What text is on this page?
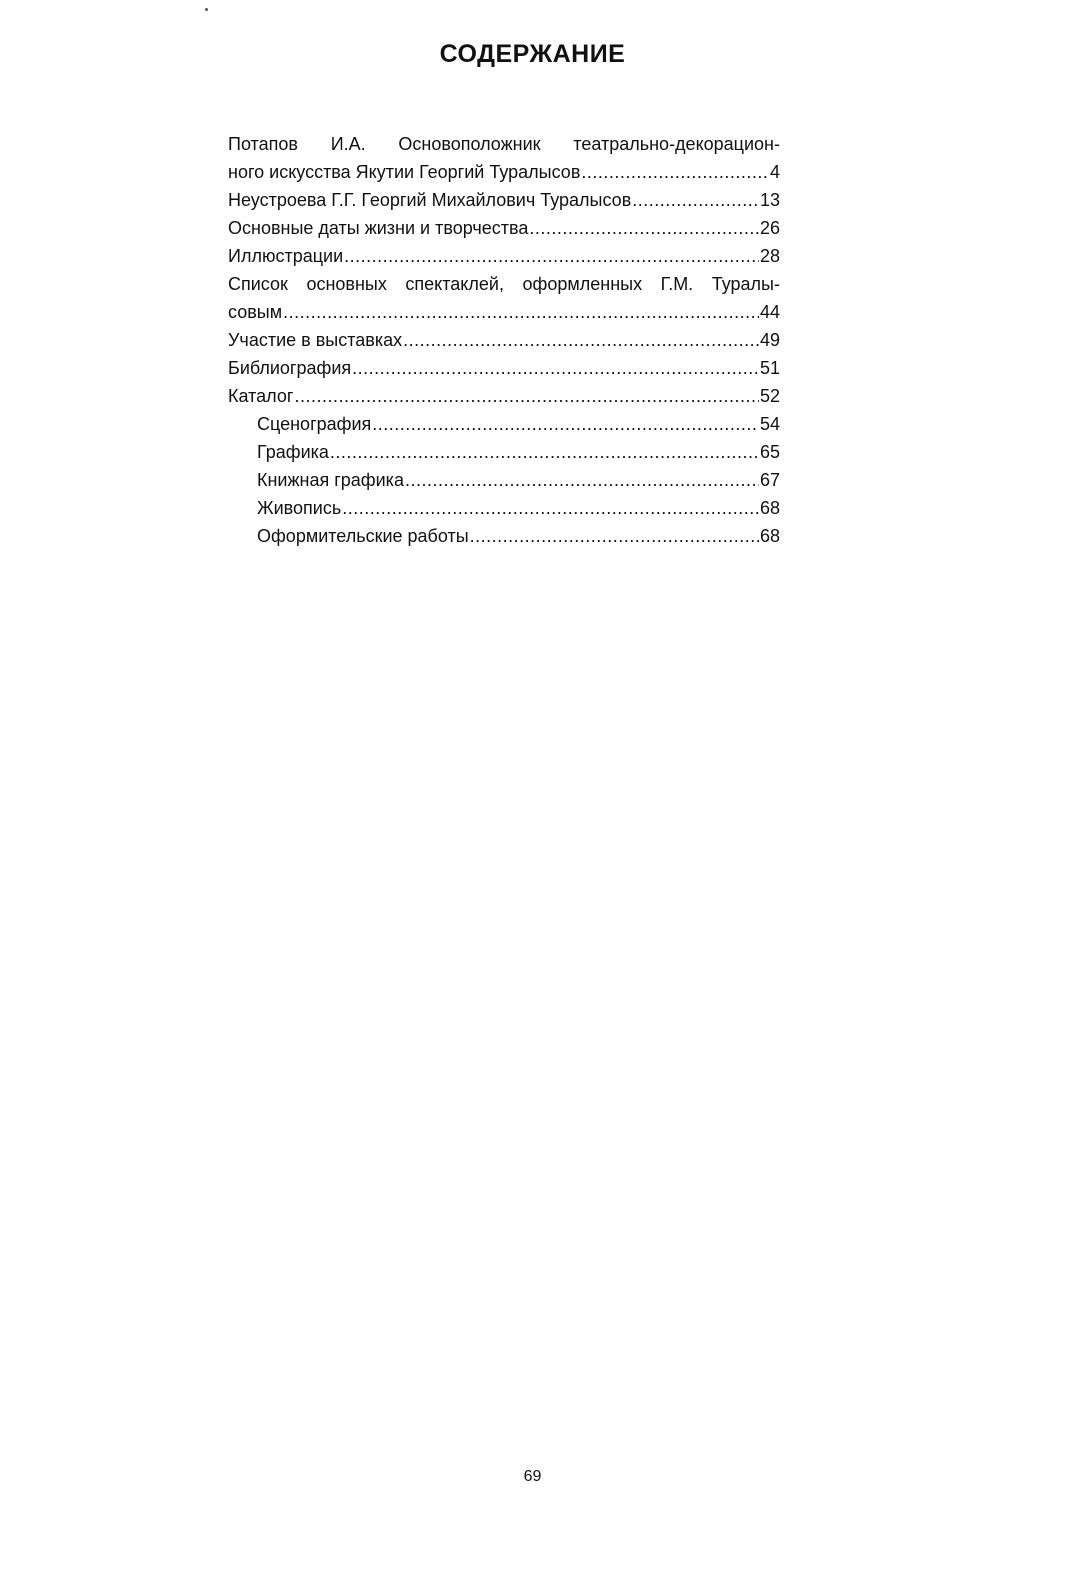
СОДЕРЖАНИЕ
Потапов И.А. Основоположник театрально-декорацион-
ного искусства Якутии Георгий Туралысов .....	4
Неустроева Г.Г. Георгий Михайлович Туралысов .....	13
Основные даты жизни и творчества .....	26
Иллюстрации .....	28
Список основных спектаклей, оформленных Г.М. Туралы-
совым .....	44
Участие в выставках .....	49
Библиография .....	51
Каталог .....	52
Сценография .....	54
Графика .....	65
Книжная графика .....	67
Живопись .....	68
Оформительские работы .....	68
69
